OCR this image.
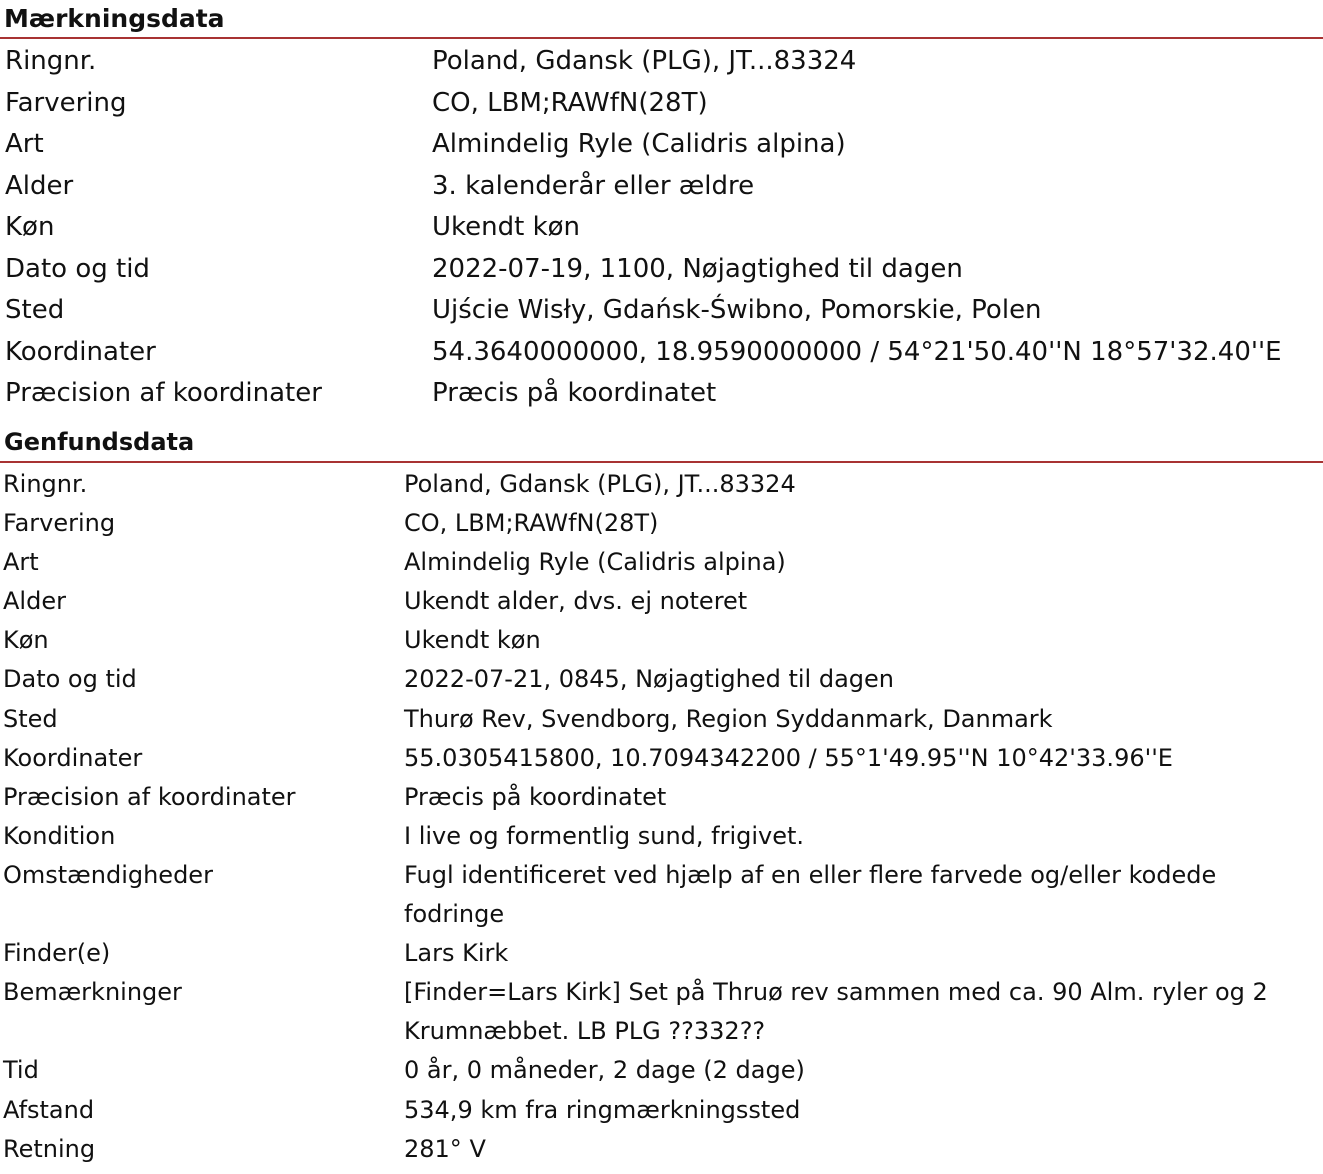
Mærkningsdata
Ringnr.	Poland, Gdansk (PLG), JT...83324
Farvering	CO, LBM;RAWfN(28T)
Art	Almindelig Ryle (Calidris alpina)
Alder	3. kalenderår eller ældre
Køn	Ukendt køn
Dato og tid	2022-07-19, 1100, Nøjagtighed til dagen
Sted	Ujście Wisły, Gdańsk-Świbno, Pomorskie, Polen
Koordinater	54.3640000000, 18.9590000000 / 54°21'50.40''N 18°57'32.40''E
Præcision af koordinater	Præcis på koordinatet
Genfundsdata
Ringnr.	Poland, Gdansk (PLG), JT...83324
Farvering	CO, LBM;RAWfN(28T)
Art	Almindelig Ryle (Calidris alpina)
Alder	Ukendt alder, dvs. ej noteret
Køn	Ukendt køn
Dato og tid	2022-07-21, 0845, Nøjagtighed til dagen
Sted	Thurø Rev, Svendborg, Region Syddanmark, Danmark
Koordinater	55.0305415800, 10.7094342200 / 55°1'49.95''N 10°42'33.96''E
Præcision af koordinater	Præcis på koordinatet
Kondition	I live og formentlig sund, frigivet.
Omstændigheder	Fugl identificeret ved hjælp af en eller flere farvede og/eller kodede fodringe
Finder(e)	Lars Kirk
Bemærkninger	[Finder=Lars Kirk] Set på Thruø rev sammen med ca. 90 Alm. ryler og 2 Krumnæbbet. LB PLG ??332??
Tid	0 år, 0 måneder, 2 dage (2 dage)
Afstand	534,9 km fra ringmærkningssted
Retning	281° V
